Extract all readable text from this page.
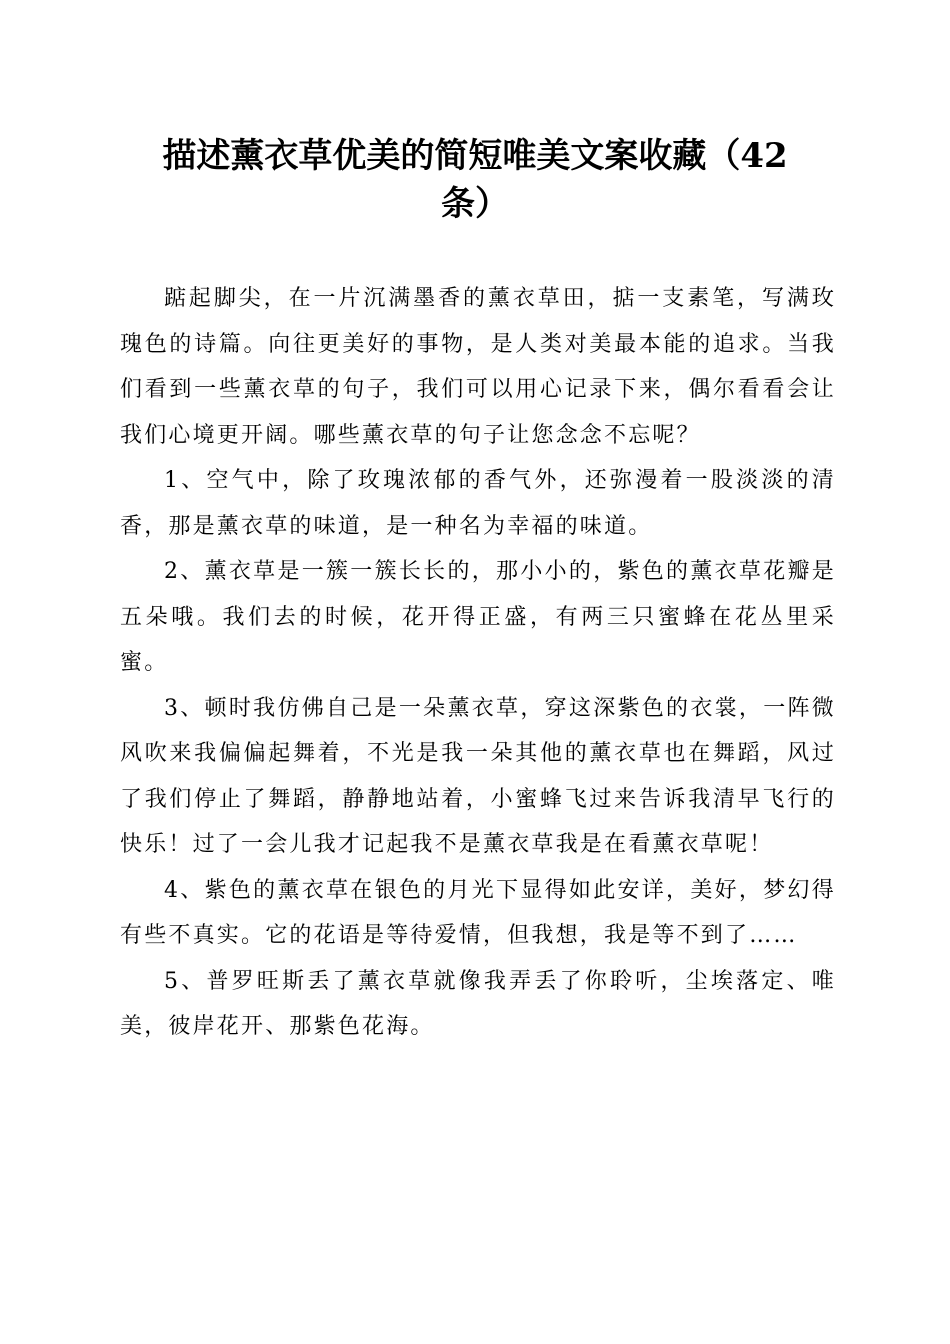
描述薰衣草优美的简短唯美文案收藏（42条）

踮起脚尖，在一片沉满墨香的薰衣草田，掂一支素笔，写满玫瑰色的诗篇。向往更美好的事物，是人类对美最本能的追求。当我们看到一些薰衣草的句子，我们可以用心记录下来，偶尔看看会让我们心境更开阔。哪些薰衣草的句子让您念念不忘呢？

1、空气中，除了玫瑰浓郁的香气外，还弥漫着一股淡淡的清香，那是薰衣草的味道，是一种名为幸福的味道。

2、薰衣草是一簇一簇长长的，那小小的，紫色的薰衣草花瓣是五朵哦。我们去的时候，花开得正盛，有两三只蜜蜂在花丛里采蜜。

3、顿时我仿佛自己是一朵薰衣草，穿这深紫色的衣裳，一阵微风吹来我偏偏起舞着，不光是我一朵其他的薰衣草也在舞蹈，风过了我们停止了舞蹈，静静地站着，小蜜蜂飞过来告诉我清早飞行的快乐！过了一会儿我才记起我不是薰衣草我是在看薰衣草呢！

4、紫色的薰衣草在银色的月光下显得如此安详，美好，梦幻得有些不真实。它的花语是等待爱情，但我想，我是等不到了……

5、普罗旺斯丢了薰衣草就像我弄丢了你聆听，尘埃落定、唯美，彼岸花开、那紫色花海。
